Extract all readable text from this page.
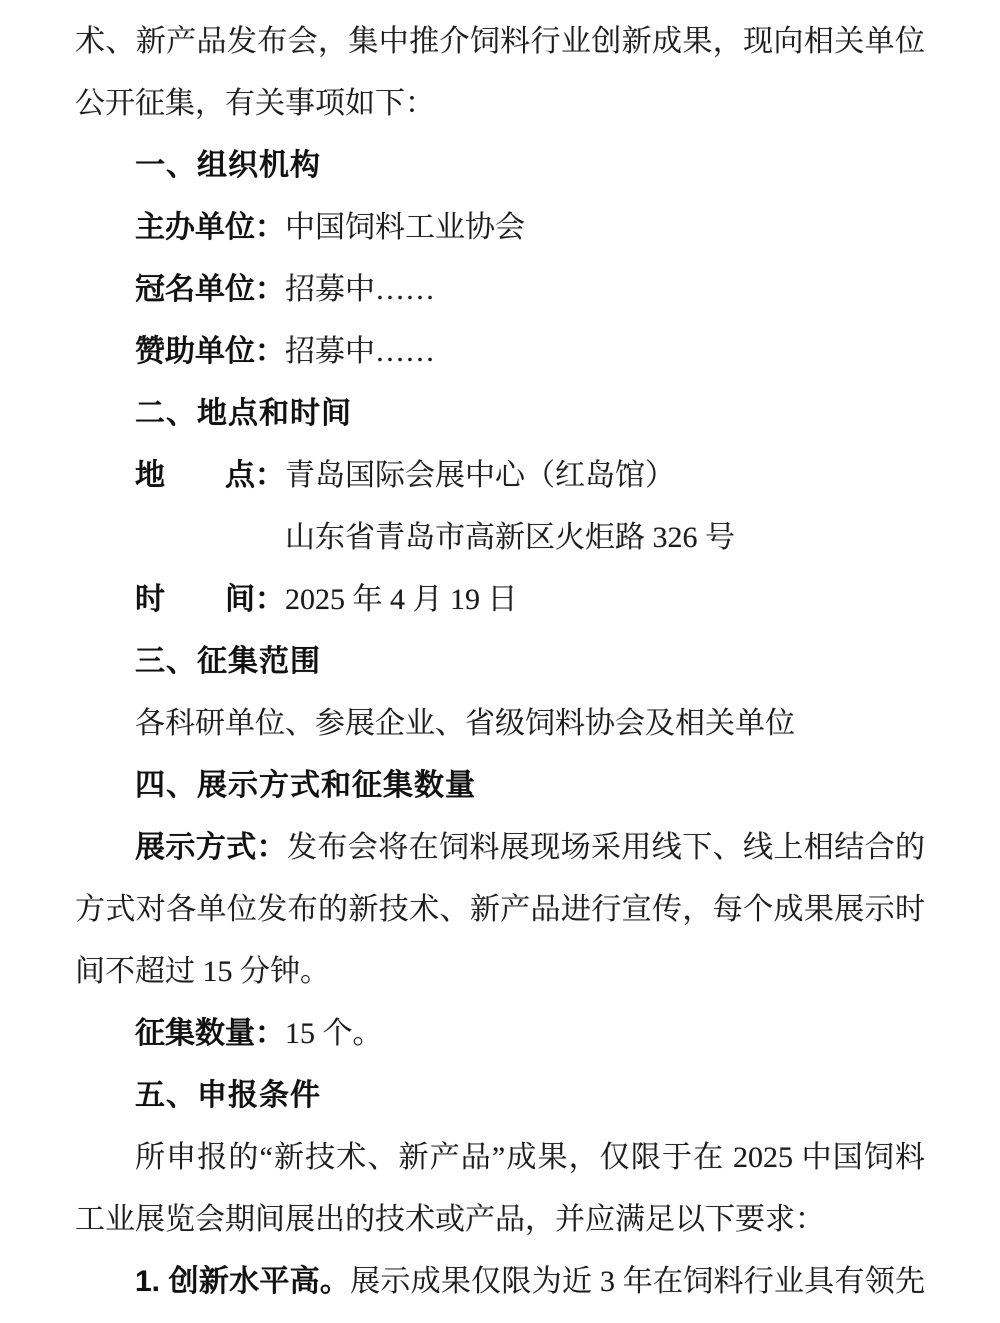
术、新产品发布会，集中推介饲料行业创新成果，现向相关单位
公开征集，有关事项如下：
一、组织机构
主办单位：中国饲料工业协会
冠名单位：招募中……
赞助单位：招募中……
二、地点和时间
地　　点：青岛国际会展中心（红岛馆）
山东省青岛市高新区火炬路 326 号
时　　间：2025 年 4 月 19 日
三、征集范围
各科研单位、参展企业、省级饲料协会及相关单位
四、展示方式和征集数量
展示方式：发布会将在饲料展现场采用线下、线上相结合的
方式对各单位发布的新技术、新产品进行宣传，每个成果展示时
间不超过 15 分钟。
征集数量：15 个。
五、申报条件
所申报的“新技术、新产品”成果，仅限于在 2025 中国饲料
工业展览会期间展出的技术或产品，并应满足以下要求：
1. 创新水平高。展示成果仅限为近 3 年在饲料行业具有领先
